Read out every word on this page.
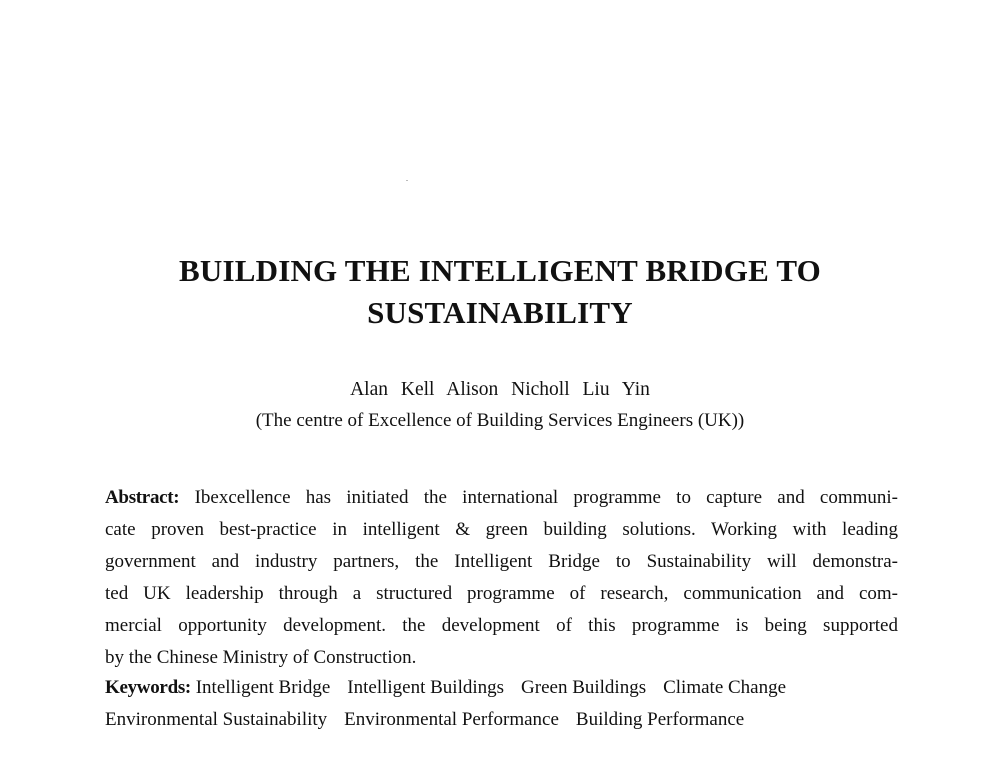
BUILDING THE INTELLIGENT BRIDGE TO
SUSTAINABILITY
Alan Kell Alison Nicholl Liu Yin
(The centre of Excellence of Building Services Engineers (UK))
Abstract: Ibexcellence has initiated the international programme to capture and communi-
cate proven best-practice in intelligent & green building solutions. Working with leading
government and industry partners, the Intelligent Bridge to Sustainability will demonstra-
ted UK leadership through a structured programme of research, communication and com-
mercial opportunity development. the development of this programme is being supported
by the Chinese Ministry of Construction.
Keywords: Intelligent Bridge Intelligent Buildings Green Buildings Climate Change
Environmental Sustainability Environmental Performance Building Performance
